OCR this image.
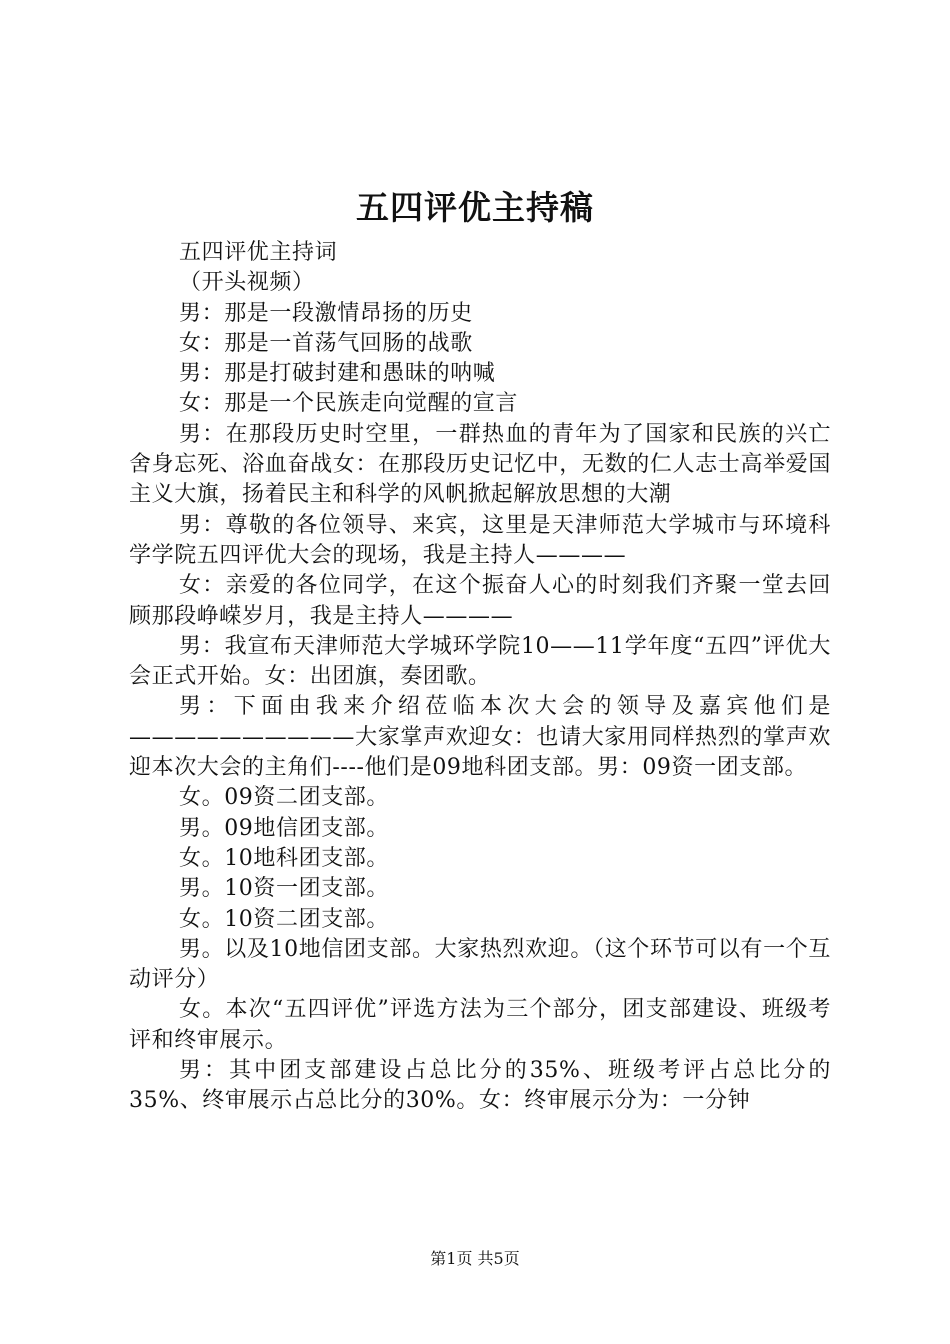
五四评优主持稿

五四评优主持词

（开头视频）

男：那是一段激情昂扬的历史

女：那是一首荡气回肠的战歌

男：那是打破封建和愚昧的呐喊

女：那是一个民族走向觉醒的宣言

男：在那段历史时空里，一群热血的青年为了国家和民族的兴亡舍身忘死、浴血奋战女：在那段历史记忆中，无数的仁人志士高举爱国主义大旗，扬着民主和科学的风帆掀起解放思想的大潮

男：尊敬的各位领导、来宾，这里是天津师范大学城市与环境科学学院五四评优大会的现场，我是主持人————

女：亲爱的各位同学，在这个振奋人心的时刻我们齐聚一堂去回顾那段峥嵘岁月，我是主持人————

男：我宣布天津师范大学城环学院10——11学年度“五四”评优大会正式开始。女：出团旗，奏团歌。

男：下面由我来介绍莅临本次大会的领导及嘉宾他们是——————————大家掌声欢迎女：也请大家用同样热烈的掌声欢迎本次大会的主角们----他们是09地科团支部。男：09资一团支部。

女。09资二团支部。

男。09地信团支部。

女。10地科团支部。

男。10资一团支部。

女。10资二团支部。

男。以及10地信团支部。大家热烈欢迎。（这个环节可以有一个互动评分）

女。本次“五四评优”评选方法为三个部分，团支部建设、班级考评和终审展示。

男：其中团支部建设占总比分的35%、班级考评占总比分的35%、终审展示占总比分的30%。女：终审展示分为：一分钟

第1页 共5页
